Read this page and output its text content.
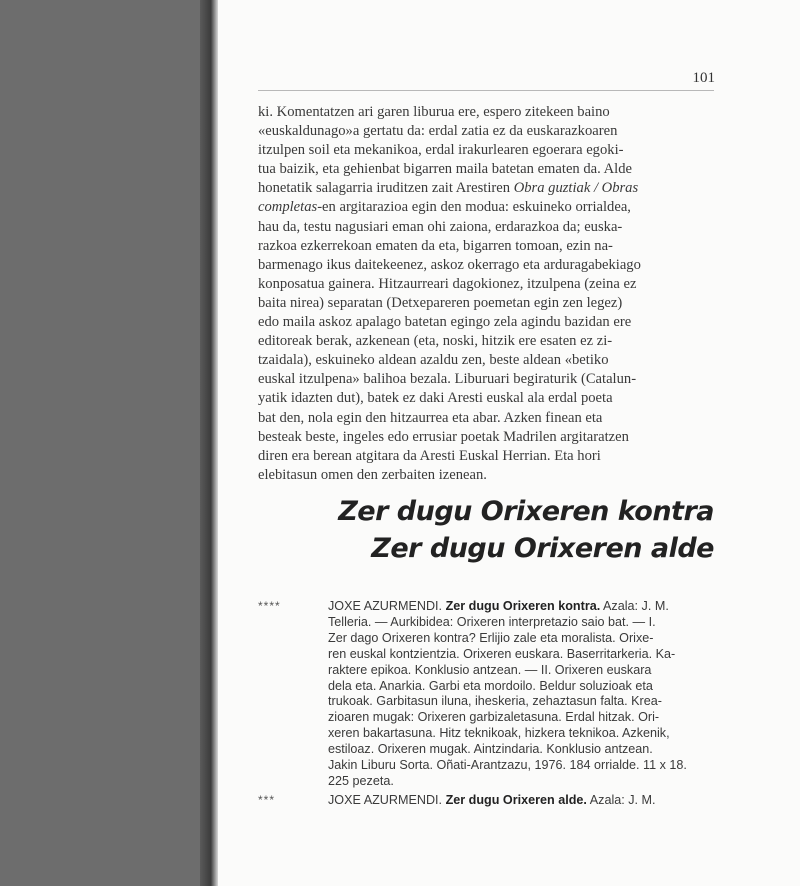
101
ki. Komentatzen ari garen liburua ere, espero zitekeen baino
«euskaldunago»a gertatu da: erdal zatia ez da euskarazkoaren
itzulpen soil eta mekanikoa, erdal irakurlearen egoerara egoki-
tua baizik, eta gehienbat bigarren maila batetan ematen da. Alde
honetatik salagarria iruditzen zait Arestiren Obra guztiak / Obras
completas-en argitarazioa egin den modua: eskuineko orrialdea,
hau da, testu nagusiari eman ohi zaiona, erdarazkoa da; euska-
razkoa ezkerrekoan ematen da eta, bigarren tomoan, ezin na-
barmenago ikus daitekeenez, askoz okerrago eta arduragabekiago
konposatua gainera. Hitzaurreari dagokionez, itzulpena (zeina ez
baita nirea) separatan (Detxepareren poemetan egin zen legez)
edo maila askoz apalago batetan egingo zela agindu bazidan ere
editoreak berak, azkenean (eta, noski, hitzik ere esaten ez zi-
tzaidala), eskuineko aldean azaldu zen, beste aldean «betiko
euskal itzulpena» balihoa bezala. Liburuari begiraturik (Catalun-
yatik idazten dut), batek ez daki Aresti euskal ala erdal poeta
bat den, nola egin den hitzaurrea eta abar. Azken finean eta
besteak beste, ingeles edo errusiar poetak Madrilen argitaratzen
diren era berean atgitara da Aresti Euskal Herrian. Eta hori
elebitasun omen den zerbaiten izenean.
Zer dugu Orixeren kontra
Zer dugu Orixeren alde
****	JOXE AZURMENDI. Zer dugu Orixeren kontra. Azala: J. M.
Telleria. — Aurkibidea: Orixeren interpretazio saio bat. — I.
Zer dago Orixeren kontra? Erlijio zale eta moralista. Orixe-
ren euskal kontzientzia. Orixeren euskara. Baserritarkeria. Ka-
raktere epikoa. Konklusio antzean. — II. Orixeren euskara
dela eta. Anarkia. Garbi eta mordoilo. Beldur soluzioak eta
trukoak. Garbitasun iluna, iheskeria, zehaztasun falta. Krea-
zioaren mugak: Orixeren garbizaletasuna. Erdal hitzak. Ori-
xeren bakartasuna. Hitz teknikoak, hizkera teknikoa. Azkenik,
estiloaz. Orixeren mugak. Aintzindaria. Konklusio antzean.
Jakin Liburu Sorta. Oñati-Arantzazu, 1976. 184 orrialde. 11 x 18.
225 pezeta.
***	JOXE AZURMENDI. Zer dugu Orixeren alde. Azala: J. M.
